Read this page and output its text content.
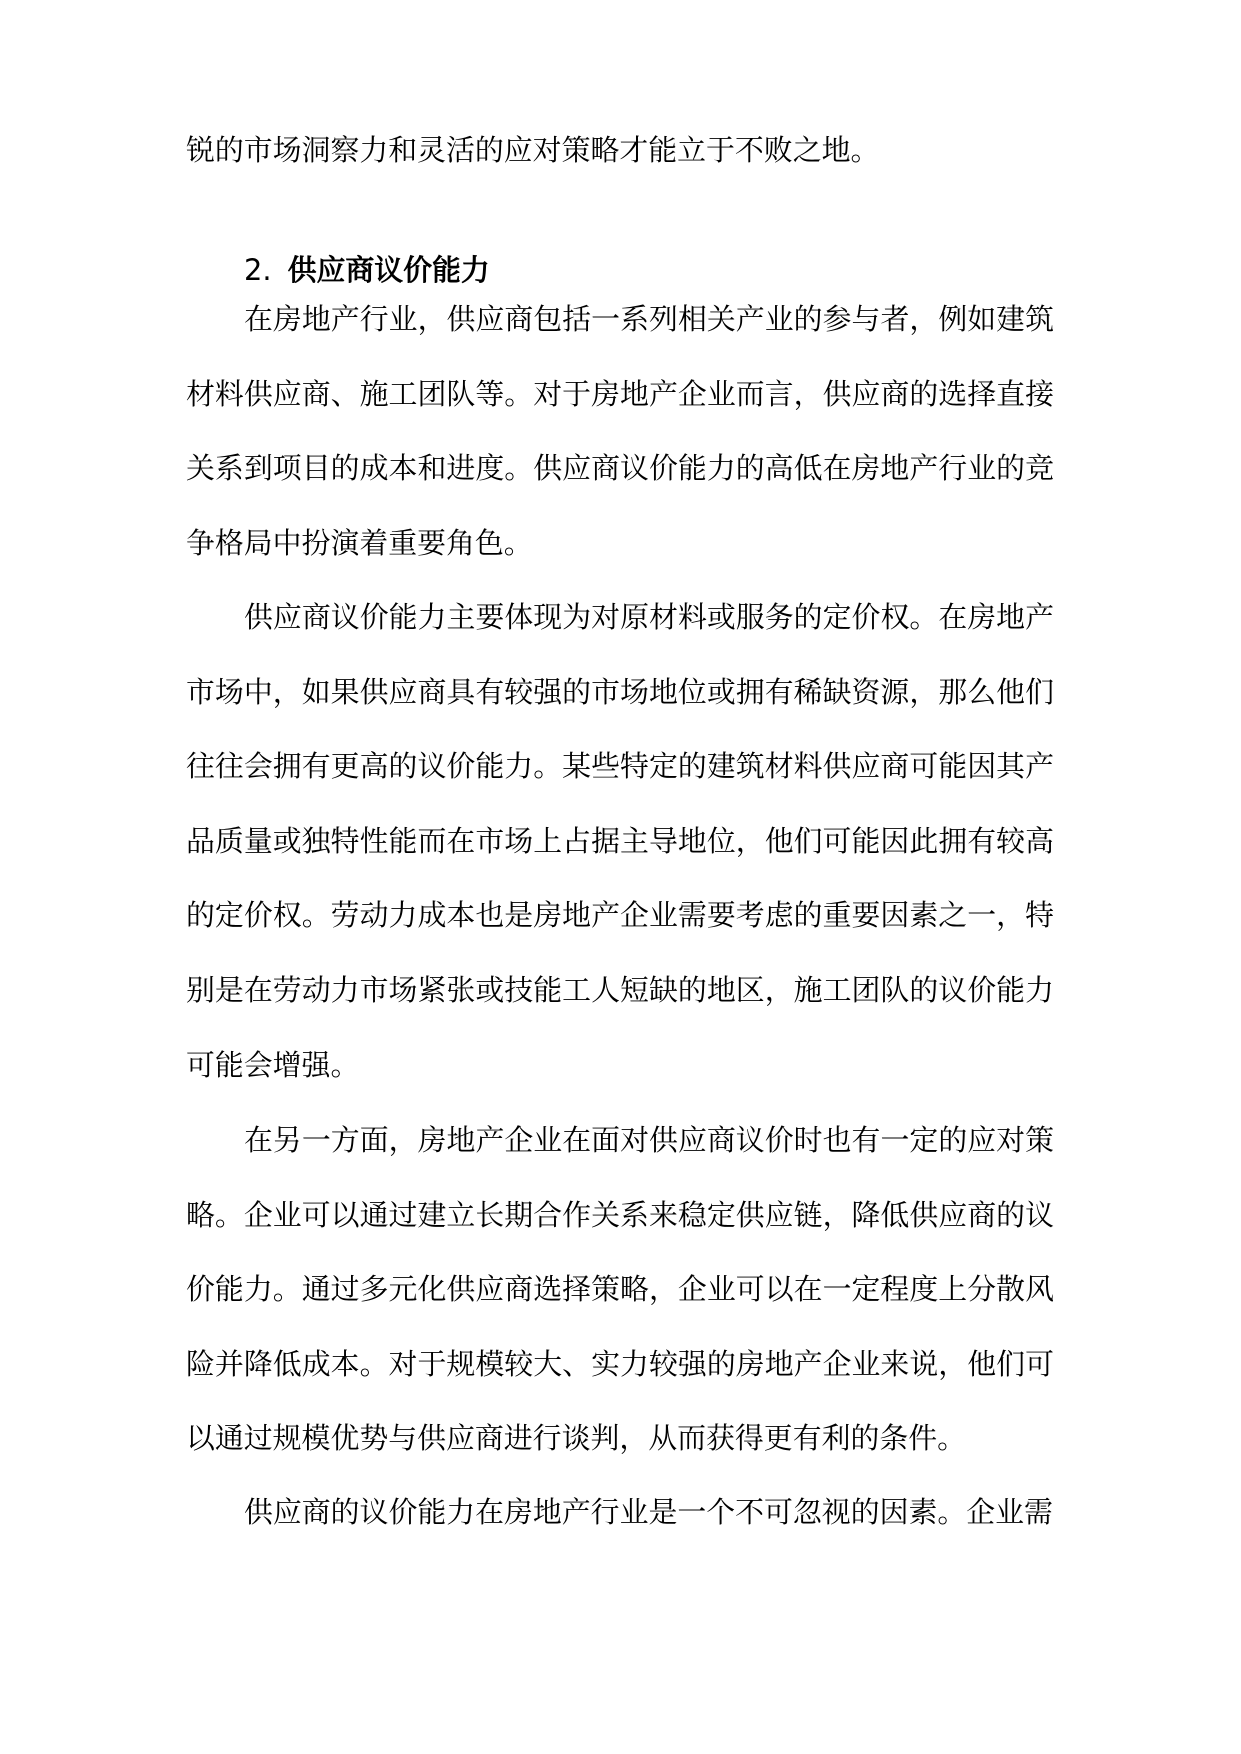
锐的市场洞察力和灵活的应对策略才能立于不败之地。

2. 供应商议价能力

在房地产行业，供应商包括一系列相关产业的参与者，例如建筑材料供应商、施工团队等。对于房地产企业而言，供应商的选择直接关系到项目的成本和进度。供应商议价能力的高低在房地产行业的竞争格局中扮演着重要角色。

供应商议价能力主要体现为对原材料或服务的定价权。在房地产市场中，如果供应商具有较强的市场地位或拥有稀缺资源，那么他们往往会拥有更高的议价能力。某些特定的建筑材料供应商可能因其产品质量或独特性能而在市场上占据主导地位，他们可能因此拥有较高的定价权。劳动力成本也是房地产企业需要考虑的重要因素之一，特别是在劳动力市场紧张或技能工人短缺的地区，施工团队的议价能力可能会增强。

在另一方面，房地产企业在面对供应商议价时也有一定的应对策略。企业可以通过建立长期合作关系来稳定供应链，降低供应商的议价能力。通过多元化供应商选择策略，企业可以在一定程度上分散风险并降低成本。对于规模较大、实力较强的房地产企业来说，他们可以通过规模优势与供应商进行谈判，从而获得更有利的条件。

供应商的议价能力在房地产行业是一个不可忽视的因素。企业需
